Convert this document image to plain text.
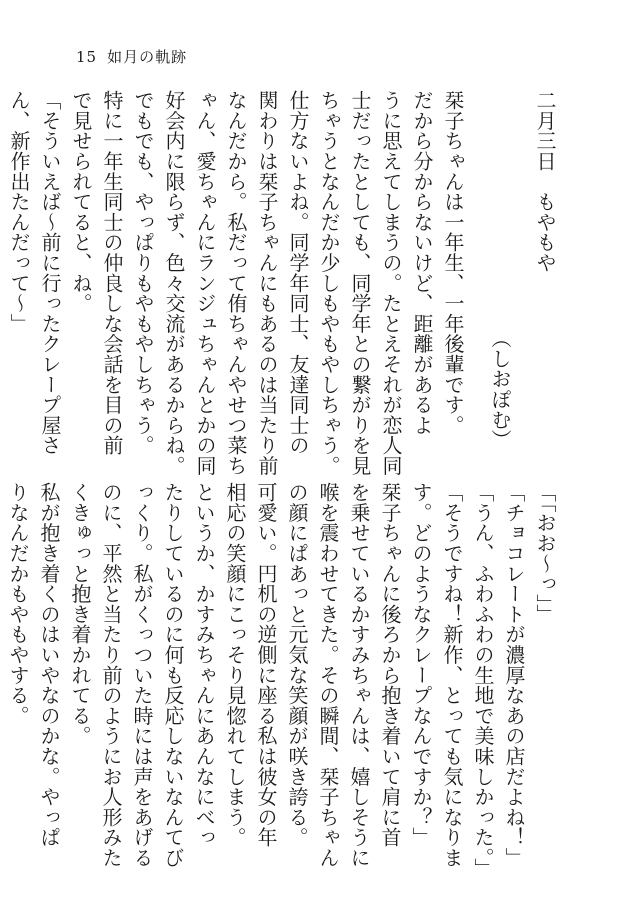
15 如月の軌跡
二月三日　もやもや
（しおぽむ）
栞子ちゃんは一年生、一年後輩です。
だから分からないけど、距離があるよ
うに思えてしまうの。たとえそれが恋人同
士だったとしても、同学年との繋がりを見
ちゃうとなんだか少しもやもやしちゃう。
仕方ないよね。同学年同士、友達同士の
関わりは栞子ちゃんにもあるのは当たり前
なんだから。私だって侑ちゃんやせつ菜ち
ゃん、愛ちゃんにランジュちゃんとかの同
好会内に限らず、色々交流があるからね。
でもでも、やっぱりもやもやしちゃう。
特に一年生同士の仲良しな会話を目の前
で見せられてると、ね。
「そういえば～前に行ったクレープ屋さ
ん、新作出たんだって～」
「「おお～っ」」
「チョコレートが濃厚なあの店だよね！」
「うん、ふわふわの生地で美味しかった。」
「そうですね！新作、とっても気になりま
す。どのようなクレープなんですか？」
栞子ちゃんに後ろから抱き着いて肩に首
を乗せているかすみちゃんは、嬉しそうに
喉を震わせてきた。その瞬間、栞子ちゃん
の顔にぱあっと元気な笑顔が咲き誇る。
可愛い。円机の逆側に座る私は彼女の年
相応の笑顔にこっそり見惚れてしまう。
というか、かすみちゃんにあんなにべっ
たりしているのに何も反応しないなんてび
っくり。私がくっついた時には声をあげる
のに、平然と当たり前のようにお人形みた
くきゅっと抱き着かれてる。
私が抱き着くのはいやなのかな。やっぱ
りなんだかもやもやする。
